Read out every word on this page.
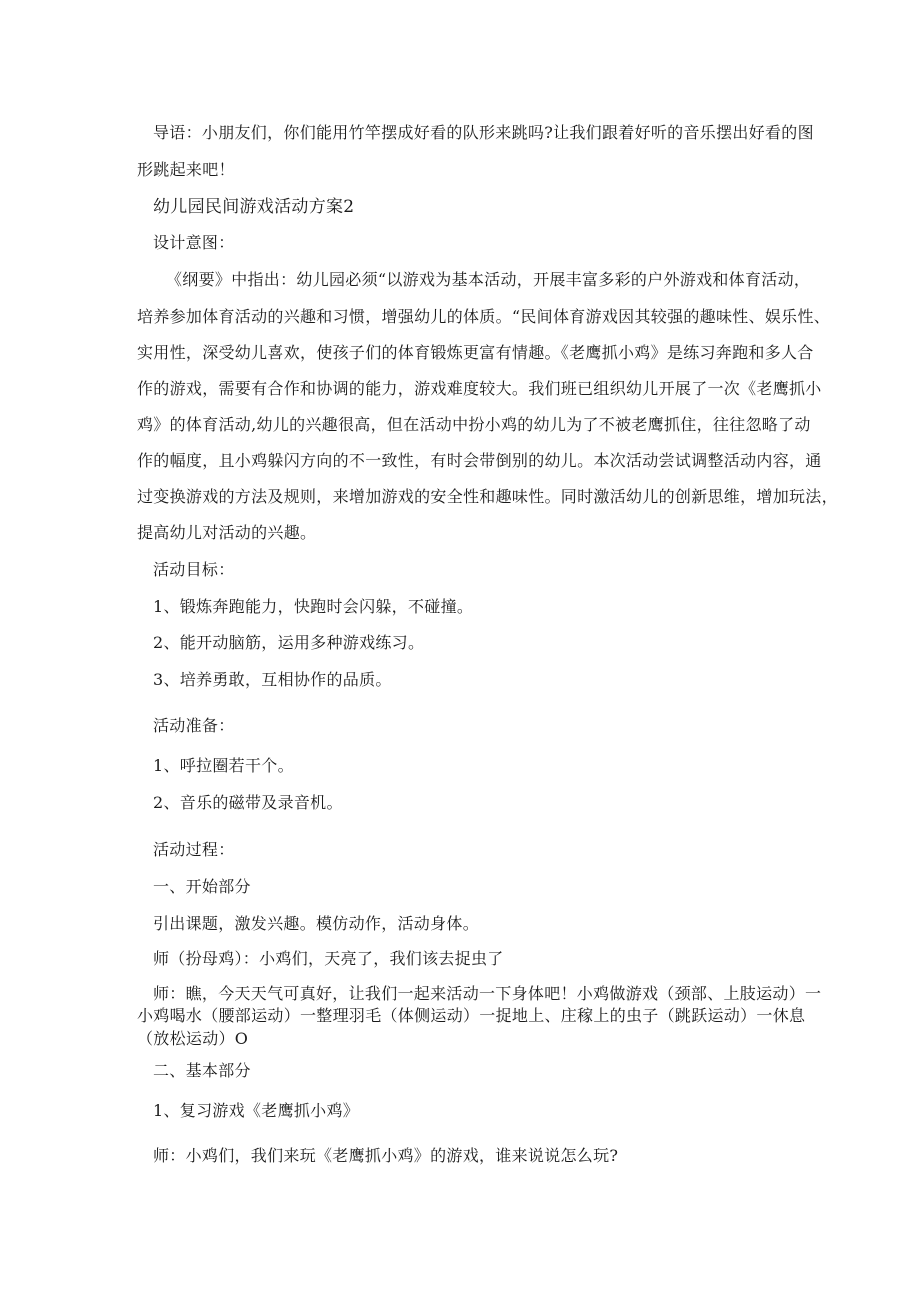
导语：小朋友们，你们能用竹竿摆成好看的队形来跳吗?让我们跟着好听的音乐摆出好看的图

形跳起来吧！

幼儿园民间游戏活动方案2

设计意图：

《纲要》中指出：幼儿园必须“以游戏为基本活动，开展丰富多彩的户外游戏和体育活动，

培养参加体育活动的兴趣和习惯，增强幼儿的体质。“民间体育游戏因其较强的趣味性、娱乐性、

实用性，深受幼儿喜欢，使孩子们的体育锻炼更富有情趣。《老鹰抓小鸡》是练习奔跑和多人合

作的游戏，需要有合作和协调的能力，游戏难度较大。我们班已组织幼儿开展了一次《老鹰抓小

鸡》的体育活动,幼儿的兴趣很高，但在活动中扮小鸡的幼儿为了不被老鹰抓住，往往忽略了动

作的幅度，且小鸡躲闪方向的不一致性，有时会带倒别的幼儿。本次活动尝试调整活动内容，通

过变换游戏的方法及规则，来增加游戏的安全性和趣味性。同时激活幼儿的创新思维，增加玩法，

提高幼儿对活动的兴趣。

活动目标：

1、锻炼奔跑能力，快跑时会闪躲，不碰撞。

2、能开动脑筋，运用多种游戏练习。

3、培养勇敢，互相协作的品质。

活动准备：

1、呼拉圈若干个。

2、音乐的磁带及录音机。

活动过程：

一、开始部分

引出课题，激发兴趣。模仿动作，活动身体。

师（扮母鸡）：小鸡们，天亮了，我们该去捉虫了

师：瞧，今天天气可真好，让我们一起来活动一下身体吧！小鸡做游戏（颈部、上肢运动）一

小鸡喝水（腰部运动）一整理羽毛（体侧运动）一捉地上、庄稼上的虫子（跳跃运动）一休息

（放松运动）O

二、基本部分

1、复习游戏《老鹰抓小鸡》

师：小鸡们，我们来玩《老鹰抓小鸡》的游戏，谁来说说怎么玩?
